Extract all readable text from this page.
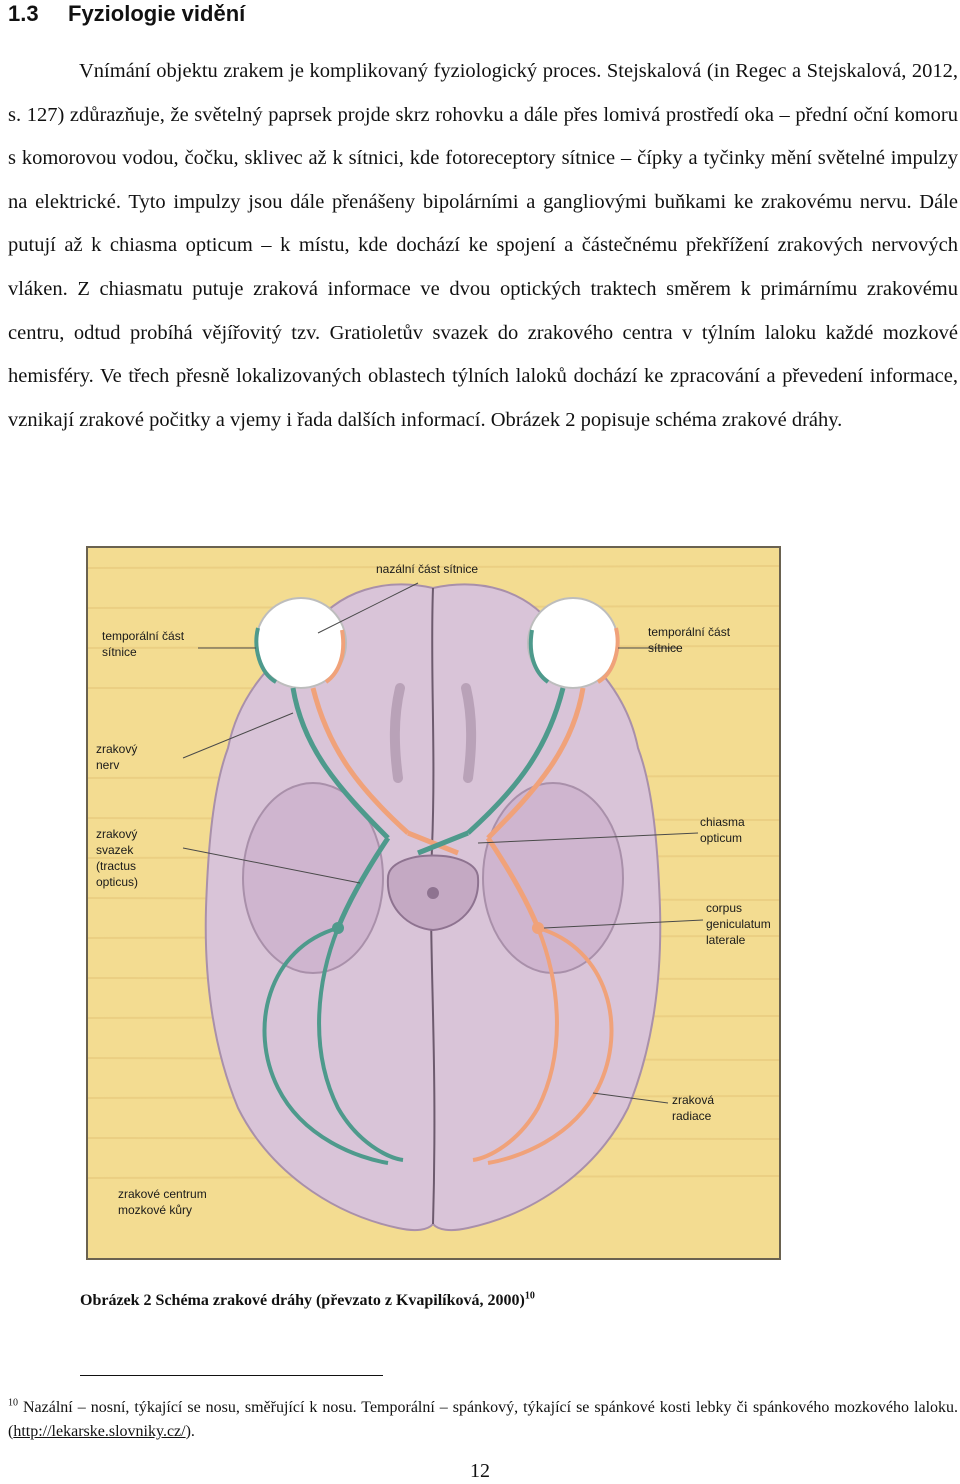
1.3 Fyziologie vidění

Vnímání objektu zrakem je komplikovaný fyziologický proces. Stejskalová (in Regec a Stejskalová, 2012, s. 127) zdůrazňuje, že světelný paprsek projde skrz rohovku a dále přes lomivá prostředí oka – přední oční komoru s komorovou vodou, čočku, sklivec až k sítnici, kde fotoreceptory sítnice – čípky a tyčinky mění světelné impulzy na elektrické. Tyto impulzy jsou dále přenášeny bipolárními a gangliovými buňkami ke zrakovému nervu. Dále putují až k chiasma opticum – k místu, kde dochází ke spojení a částečnému překřížení zrakových nervových vláken. Z chiasmatu putuje zraková informace ve dvou optických traktech směrem k primárnímu zrakovému centru, odtud probíhá vějířovitý tzv. Gratioletův svazek do zrakového centra v týlním laloku každé mozkové hemisféry. Ve třech přesně lokalizovaných oblastech týlních laloků dochází ke zpracování a převedení informace, vznikají zrakové počitky a vjemy i řada dalších informací. Obrázek 2 popisuje schéma zrakové dráhy.

nazální část sítnice
temporální část
sítnice
temporální část
sítnice
zrakový
nerv
chiasma
opticum
zrakový
svazek
(tractus
opticus)
corpus
geniculatum
laterale
zraková
radiace
zrakové centrum
mozkové kůry

Obrázek 2 Schéma zrakové dráhy (převzato z Kvapilíková, 2000)$^{10}$

$^{10}$ Nazální – nosní, týkající se nosu, směřující k nosu. Temporální – spánkový, týkající se spánkové kosti lebky či spánkového mozkového laloku. (http://lekarske.slovniky.cz/).

12
